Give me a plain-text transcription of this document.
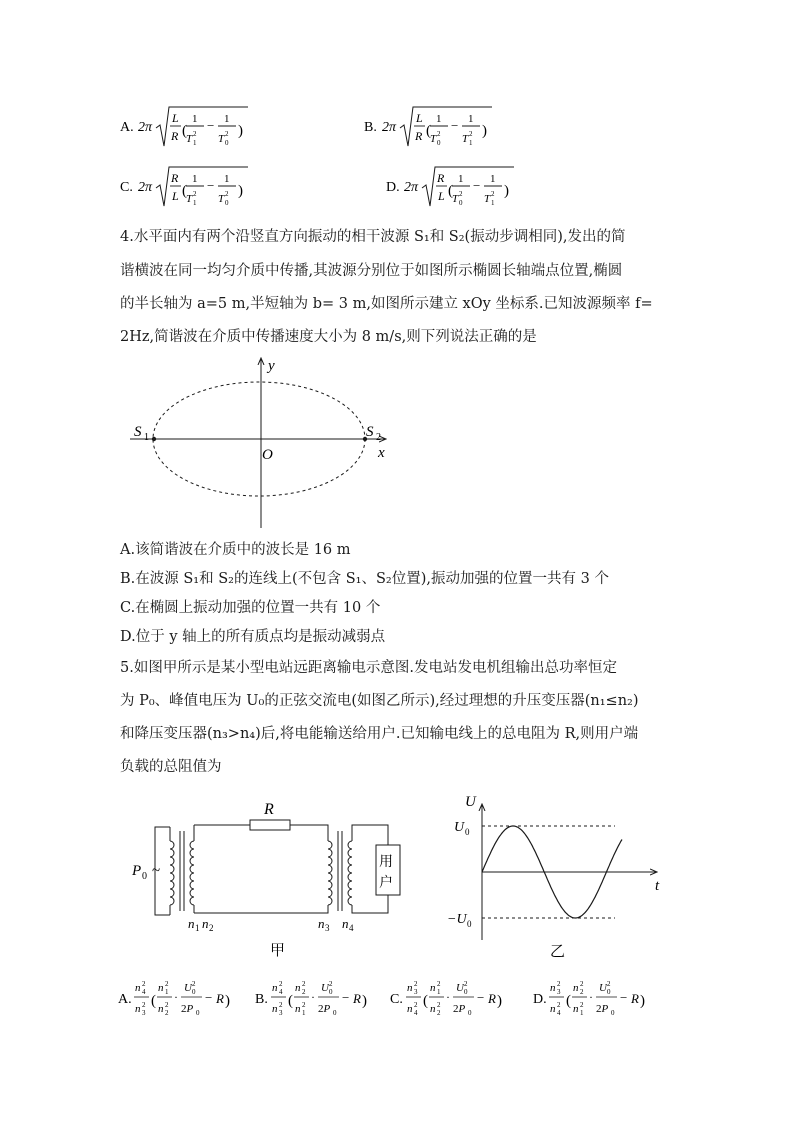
A. 2π
L
R (
1
T 1
2
− 1
T 0
2 )	B. 2π
L
R (
1
T 0
2
− 1
T 1
2 )
C. 2π
R
L (
1
T 1
2
− 1
T 0
2 )	D. 2π
R
L (
1
T 0
2
− 1
T 1
2 )
4.水平面内有两个沿竖直方向振动的相干波源 S₁和 S₂(振动步调相同),发出的简
谐横波在同一均匀介质中传播,其波源分别位于如图所示椭圆长轴端点位置,椭圆
的半长轴为 a=5 m,半短轴为 b= 3 m,如图所示建立 xOy 坐标系.已知波源频率 f=
2Hz,简谐波在介质中传播速度大小为 8 m/s,则下列说法正确的是
y
x
O
S 1	S 2
A.该简谐波在介质中的波长是 16 m
B.在波源 S₁和 S₂的连线上(不包含 S₁、S₂位置),振动加强的位置一共有 3 个
C.在椭圆上振动加强的位置一共有 10 个
D.位于 y 轴上的所有质点均是振动减弱点
5.如图甲所示是某小型电站远距离输电示意图.发电站发电机组输出总功率恒定
为 P₀、峰值电压为 U₀的正弦交流电(如图乙所示),经过理想的升压变压器(n₁≤n₂)
和降压变压器(n₃>n₄)后,将电能输送给用户.已知输电线上的总电阻为 R,则用户端
负载的总阻值为
R
P 0 ~
用
户
n 1 n 2	n 3 n 4
甲
U
t
U 0
−U 0
乙
A.
n 4
2
n 3
2 (
n 1
2
n 2
2
·
U 0
2
2P 0
− R ) B.
n 4
2
n 3
2 (
n 2
2
n 1
2
·
U 0
2
2P 0
− R ) C.
n 3
2
n 4
2 (
n 1
2
n 2
2
·
U 0
2
2P 0
− R ) D.
n 3
2
n 4
2 (
n 2
2
n 1
2
·
U 0
2
2P 0
− R )
